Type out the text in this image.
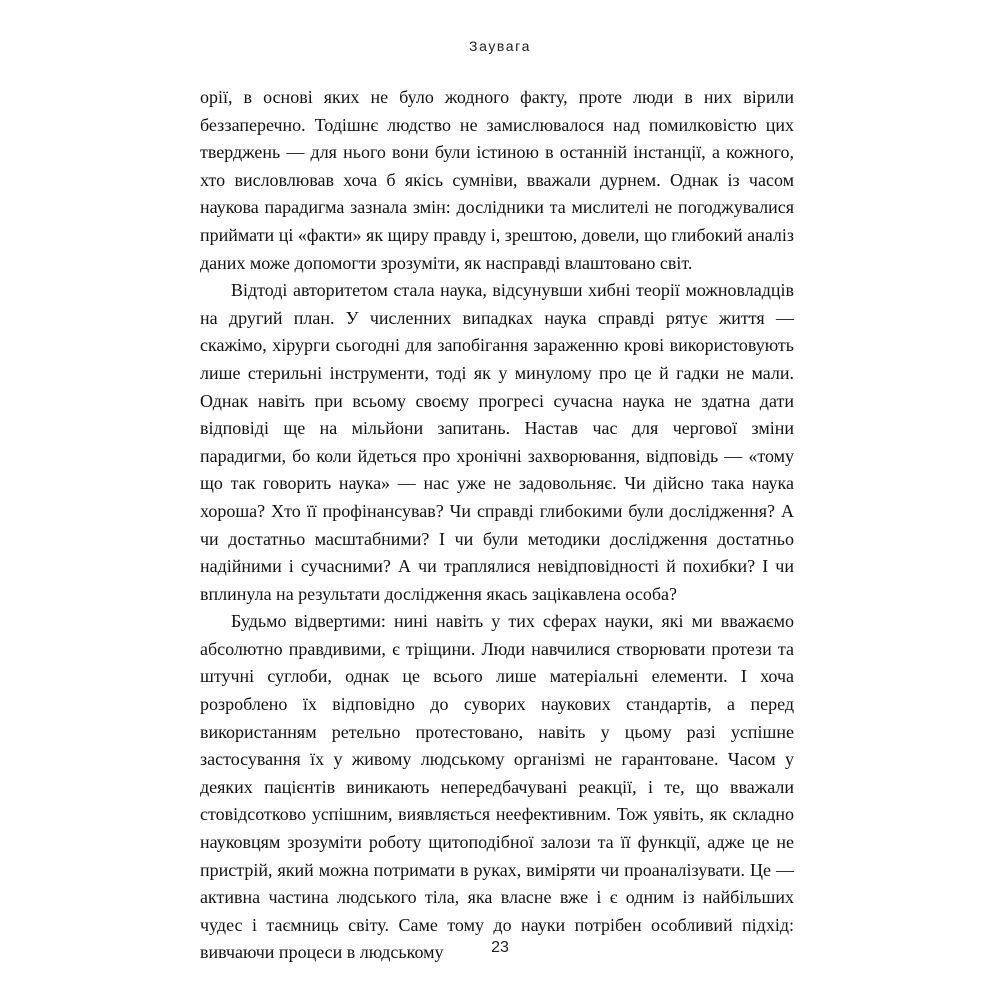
Заувага

орії, в основі яких не було жодного факту, проте люди в них вірили беззаперечно. Тодішнє людство не замислювалося над помилковістю цих тверджень — для нього вони були істиною в останній інстанції, а кожного, хто висловлював хоча б якісь сумніви, вважали дурнем. Однак із часом наукова парадигма зазнала змін: дослідники та мислителі не погоджувалися приймати ці «факти» як щиру правду і, зрештою, довели, що глибокий аналіз даних може допомогти зрозуміти, як насправді влаштовано світ.

Відтоді авторитетом стала наука, відсунувши хибні теорії можновладців на другий план. У численних випадках наука справді рятує життя — скажімо, хірурги сьогодні для запобігання зараженню крові використовують лише стерильні інструменти, тоді як у минулому про це й гадки не мали. Однак навіть при всьому своєму прогресі сучасна наука не здатна дати відповіді ще на мільйони запитань. Настав час для чергової зміни парадигми, бо коли йдеться про хронічні захворювання, відповідь — «тому що так говорить наука» — нас уже не задовольняє. Чи дійсно така наука хороша? Хто її профінансував? Чи справді глибокими були дослідження? А чи достатньо масштабними? І чи були методики дослідження достатньо надійними і сучасними? А чи траплялися невідповідності й похибки? І чи вплинула на результати дослідження якась зацікавлена особа?

Будьмо відвертими: нині навіть у тих сферах науки, які ми вважаємо абсолютно правдивими, є тріщини. Люди навчилися створювати протези та штучні суглоби, однак це всього лише матеріальні елементи. І хоча розроблено їх відповідно до суворих наукових стандартів, а перед використанням ретельно протестовано, навіть у цьому разі успішне застосування їх у живому людському організмі не гарантоване. Часом у деяких пацієнтів виникають непередбачувані реакції, і те, що вважали стовідсотково успішним, виявляється неефективним. Тож уявіть, як складно науковцям зрозуміти роботу щитоподібної залози та її функції, адже це не пристрій, який можна потримати в руках, виміряти чи проаналізувати. Це — активна частина людського тіла, яка власне вже і є одним із найбільших чудес і таємниць світу. Саме тому до науки потрібен особливий підхід: вивчаючи процеси в людському	23
